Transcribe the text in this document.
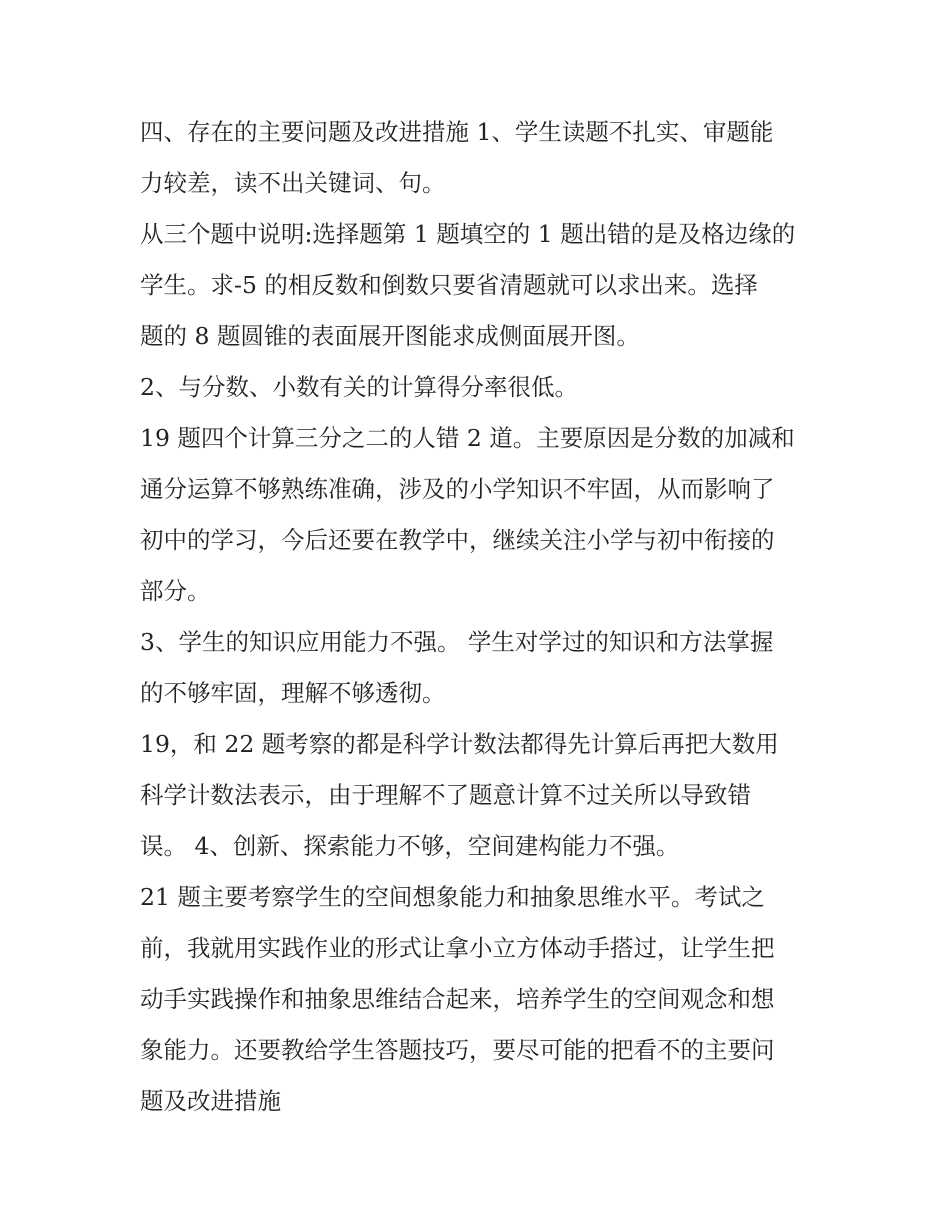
四、存在的主要问题及改进措施 1、学生读题不扎实、审题能
力较差，读不出关键词、句。

从三个题中说明:选择题第 1 题填空的 1 题出错的是及格边缘的
学生。求-5 的相反数和倒数只要省清题就可以求出来。选择
题的 8 题圆锥的表面展开图能求成侧面展开图。

2、与分数、小数有关的计算得分率很低。

19 题四个计算三分之二的人错 2 道。主要原因是分数的加减和
通分运算不够熟练准确，涉及的小学知识不牢固，从而影响了
初中的学习，今后还要在教学中，继续关注小学与初中衔接的
部分。

3、学生的知识应用能力不强。 学生对学过的知识和方法掌握
的不够牢固，理解不够透彻。

19，和 22 题考察的都是科学计数法都得先计算后再把大数用
科学计数法表示，由于理解不了题意计算不过关所以导致错
误。 4、创新、探索能力不够，空间建构能力不强。

21 题主要考察学生的空间想象能力和抽象思维水平。考试之
前，我就用实践作业的形式让拿小立方体动手搭过，让学生把
动手实践操作和抽象思维结合起来，培养学生的空间观念和想
象能力。还要教给学生答题技巧，要尽可能的把看不的主要问
题及改进措施
